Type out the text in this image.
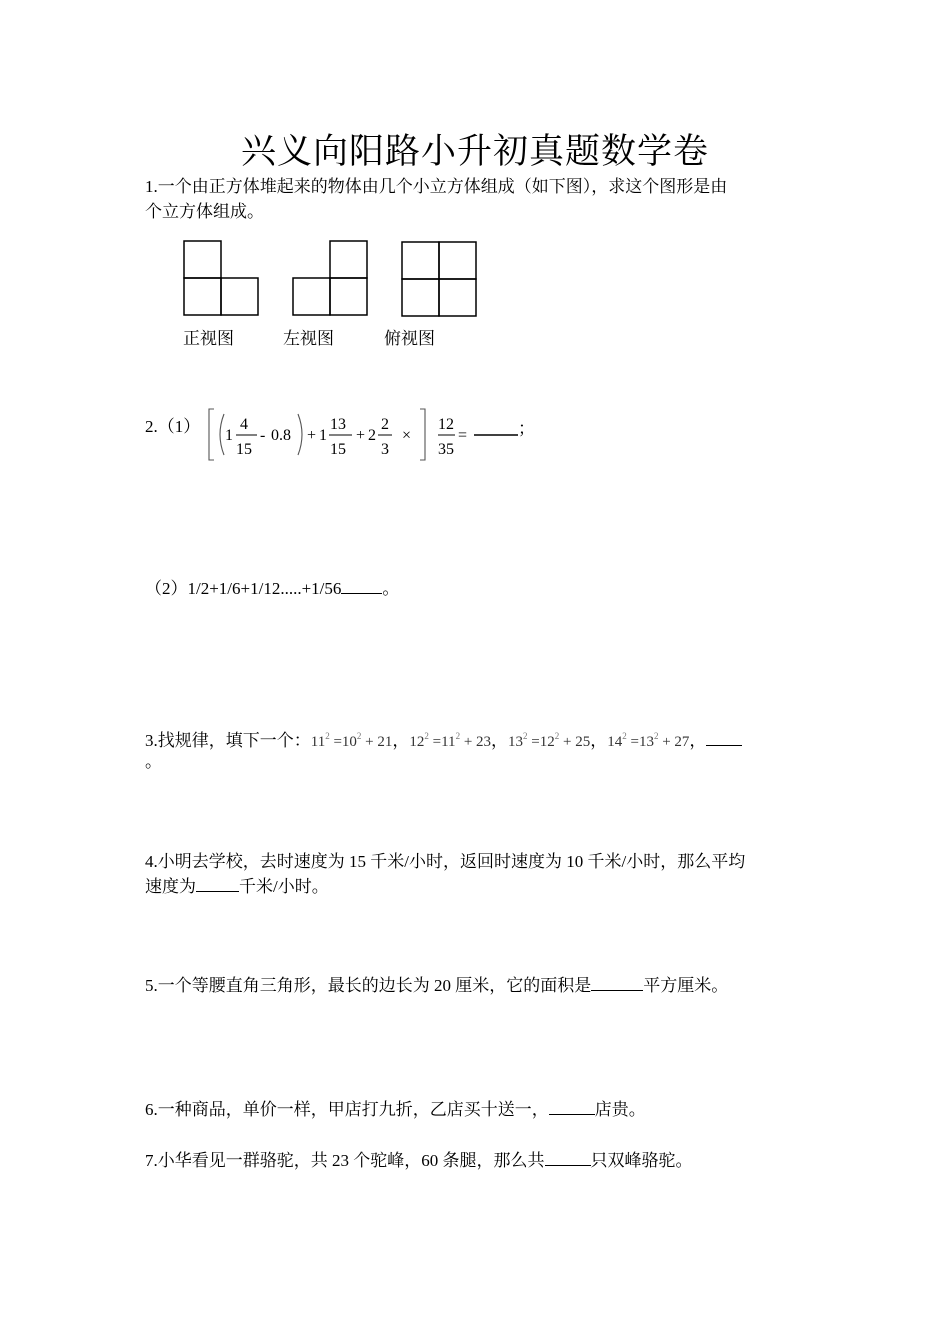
兴义向阳路小升初真题数学卷
1.一个由正方体堆起来的物体由几个小立方体组成（如下图），求这个图形是由
个立方体组成。
正视图	左视图	俯视图
2.（1） 1
4
15
- 0.8 + 1
13
15
+ 2
2
3
×
12
35
=	；
（2）1/2+1/6+1/12.....+1/56 。
3.找规律，填下一个：$11^2 =10^2 + 21$，$12^2 =11^2 + 23$，$13^2 =12^2 + 25$，$14^2 =13^2 + 27$，
。
4.小明去学校，去时速度为 15 千米/小时，返回时速度为 10 千米/小时，那么平均
速度为	千米/小时。
5.一个等腰直角三角形，最长的边长为 20 厘米，它的面积是	平方厘米。
6.一种商品，单价一样，甲店打九折，乙店买十送一，	店贵。
7.小华看见一群骆驼，共 23 个驼峰，60 条腿，那么共	只双峰骆驼。
